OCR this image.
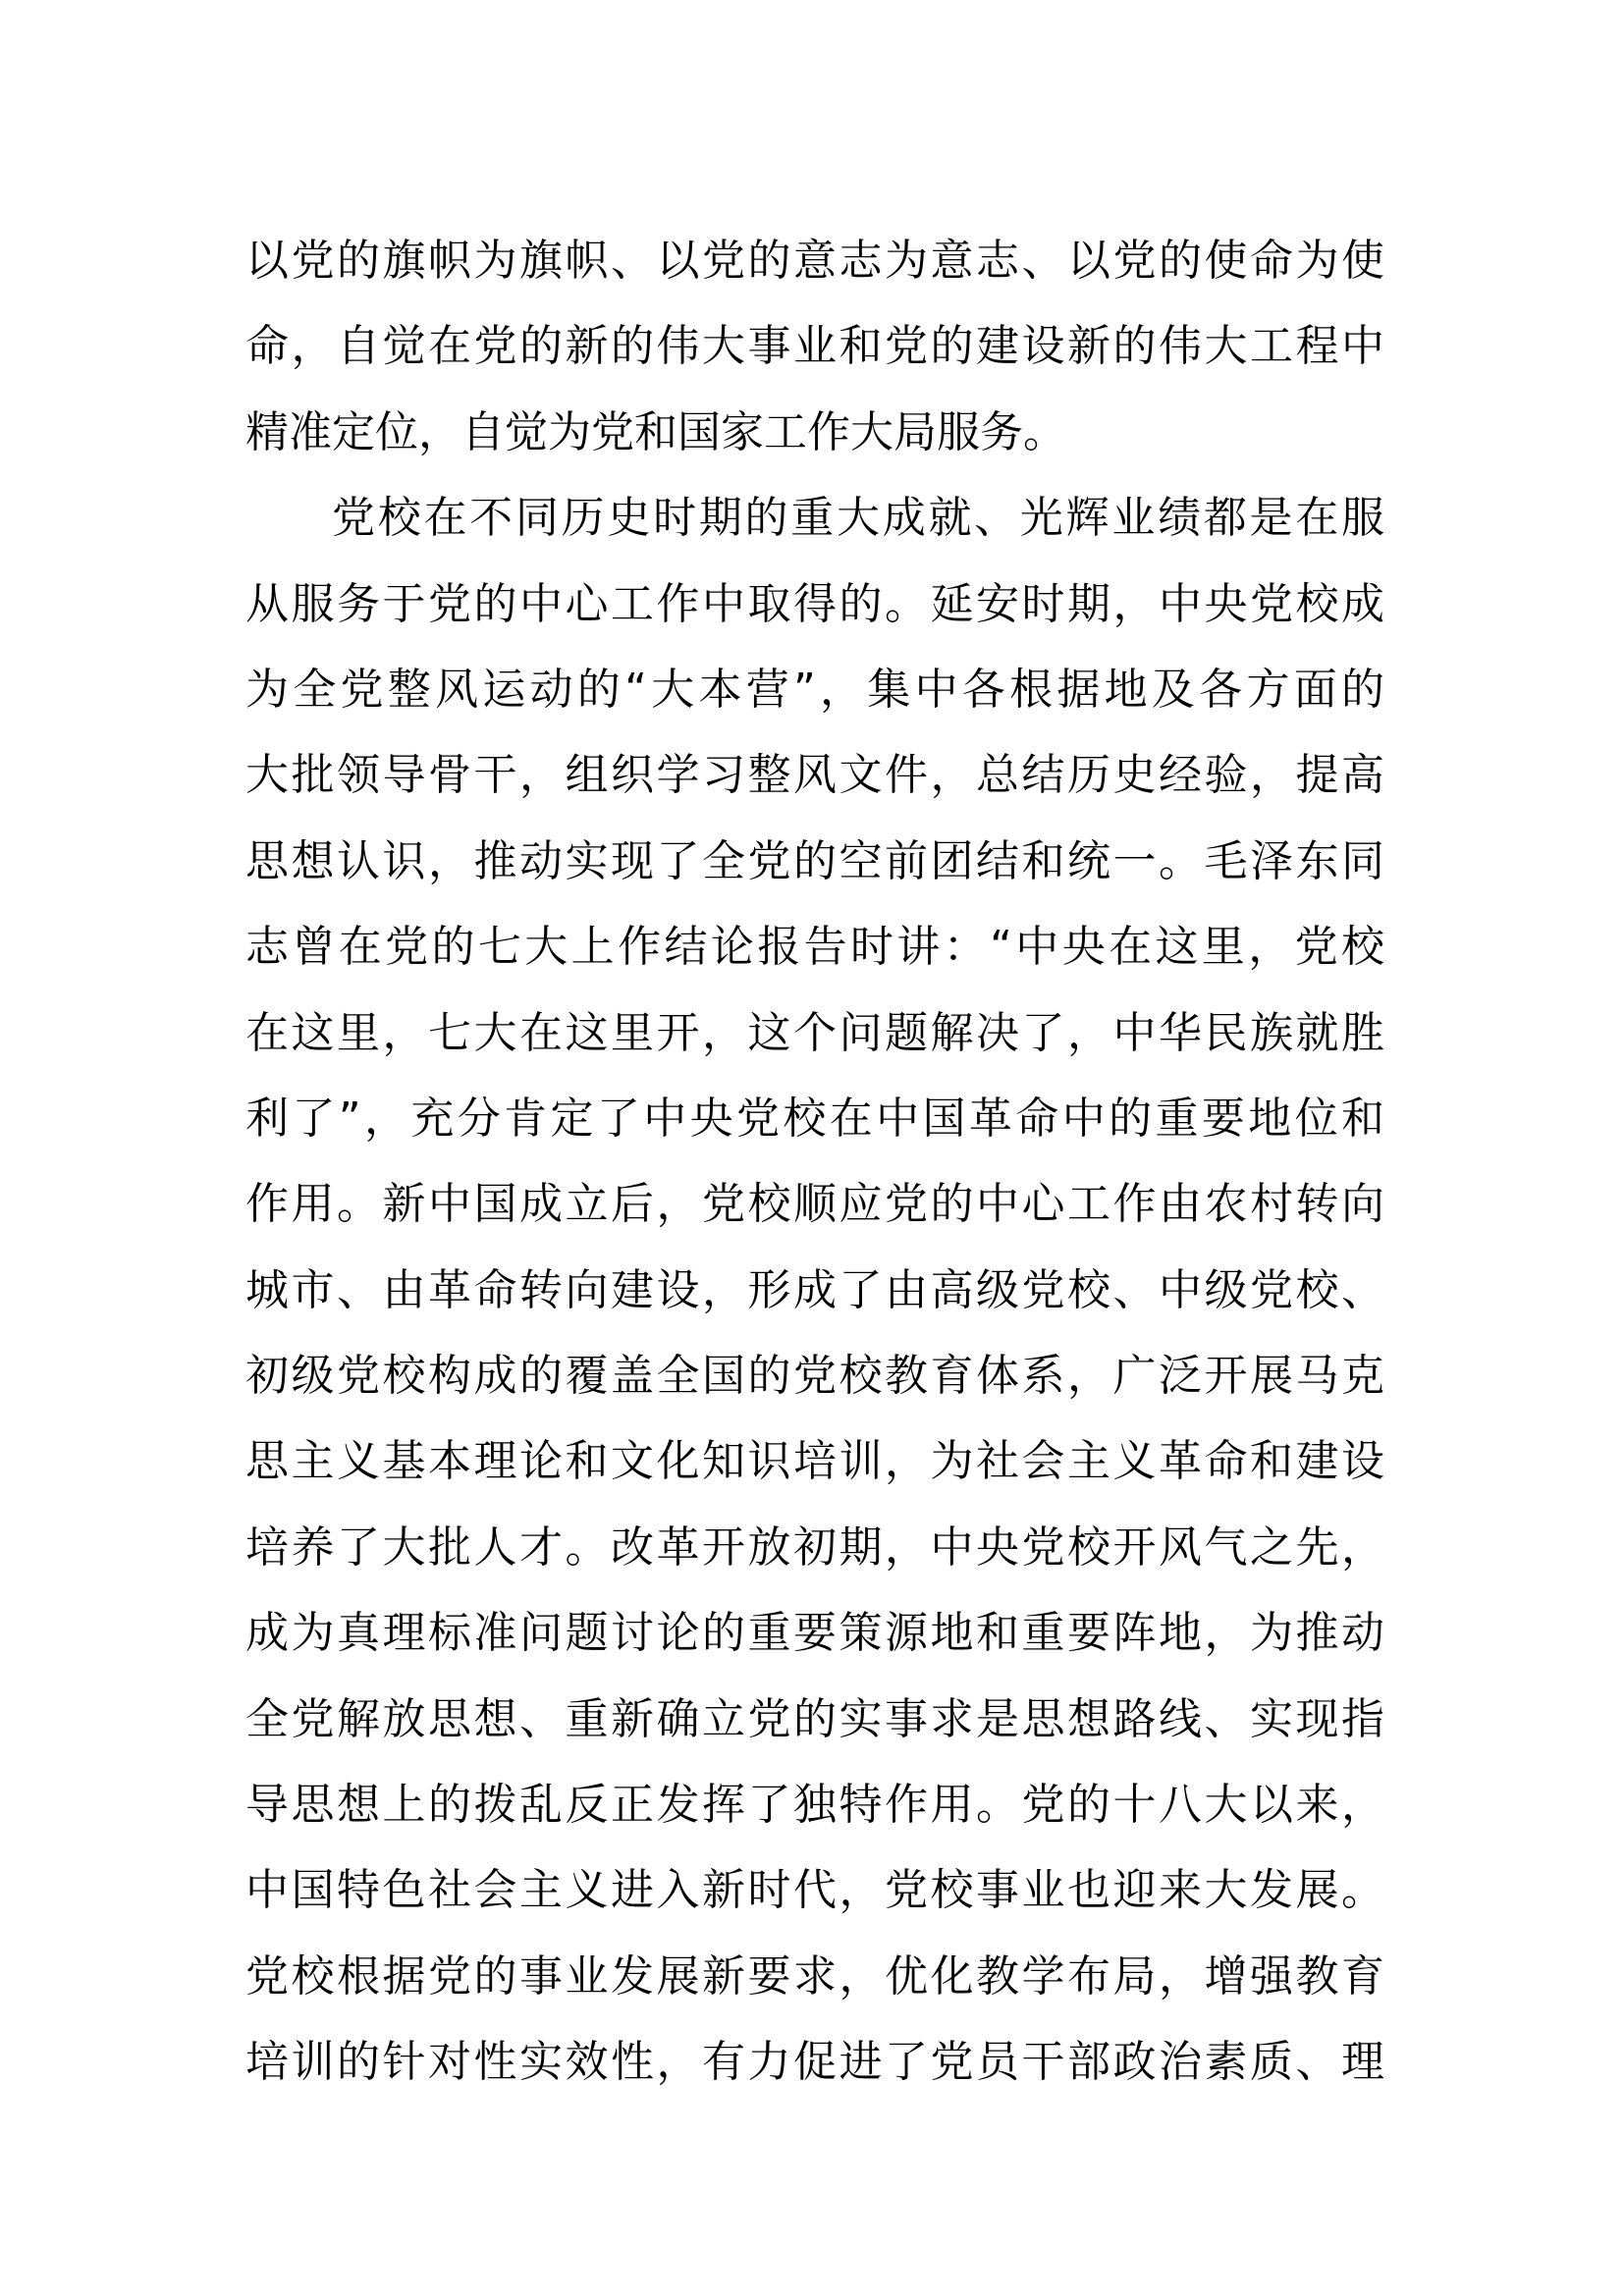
以党的旗帜为旗帜、以党的意志为意志、以党的使命为使
命，自觉在党的新的伟大事业和党的建设新的伟大工程中
精准定位，自觉为党和国家工作大局服务。
党校在不同历史时期的重大成就、光辉业绩都是在服
从服务于党的中心工作中取得的。延安时期，中央党校成
为全党整风运动的“大本营”，集中各根据地及各方面的
大批领导骨干，组织学习整风文件，总结历史经验，提高
思想认识，推动实现了全党的空前团结和统一。毛泽东同
志曾在党的七大上作结论报告时讲：“中央在这里，党校
在这里，七大在这里开，这个问题解决了，中华民族就胜
利了”，充分肯定了中央党校在中国革命中的重要地位和
作用。新中国成立后，党校顺应党的中心工作由农村转向
城市、由革命转向建设，形成了由高级党校、中级党校、
初级党校构成的覆盖全国的党校教育体系，广泛开展马克
思主义基本理论和文化知识培训，为社会主义革命和建设
培养了大批人才。改革开放初期，中央党校开风气之先，
成为真理标准问题讨论的重要策源地和重要阵地，为推动
全党解放思想、重新确立党的实事求是思想路线、实现指
导思想上的拨乱反正发挥了独特作用。党的十八大以来，
中国特色社会主义进入新时代，党校事业也迎来大发展。
党校根据党的事业发展新要求，优化教学布局，增强教育
培训的针对性实效性，有力促进了党员干部政治素质、理
